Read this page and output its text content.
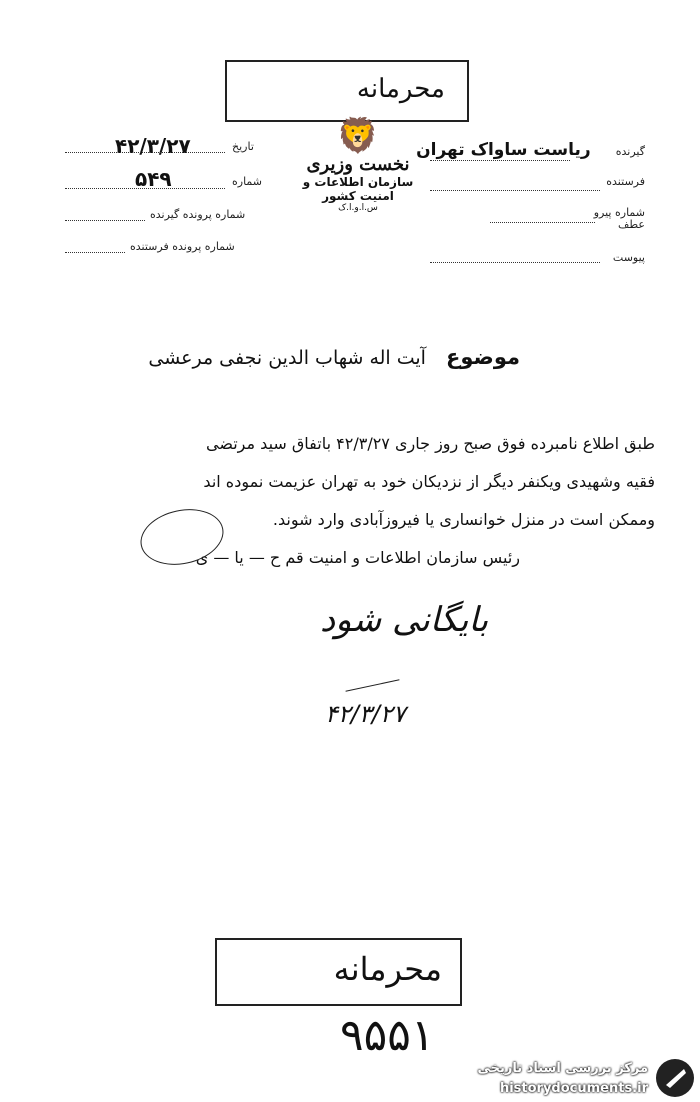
محرمانه
گیرنده ریاست ساواک تهران
فرستنده
شماره پیرو عطف
پیوست
🦁
نخست وزیری
سازمان اطلاعات و امنیت کشور
س.ا.و.ا.ک
تاریخ
۴۲/۳/۲۷
شماره
۵۴۹
شماره پرونده گیرنده
شماره پرونده فرستنده
موضوع آیت اله شهاب الدین نجفی مرعشی
طبق اطلاع نامبرده فوق صبح روز جاری ۴۲/۳/۲۷ باتفاق سید مرتضی
فقیه وشهیدی ویکنفر دیگر از نزدیکان خود به تهران عزیمت نموده اند
وممکن است در منزل خوانساری یا فیروزآبادی وارد شوند.
رئیس سازمان اطلاعات و امنیت قم ح — یا — ی
بایگانی شود
۴۲/۳/۲۷
محرمانه
۹۵۵۱
مرکز بررسی اسناد تاریخی
historydocuments.ir
